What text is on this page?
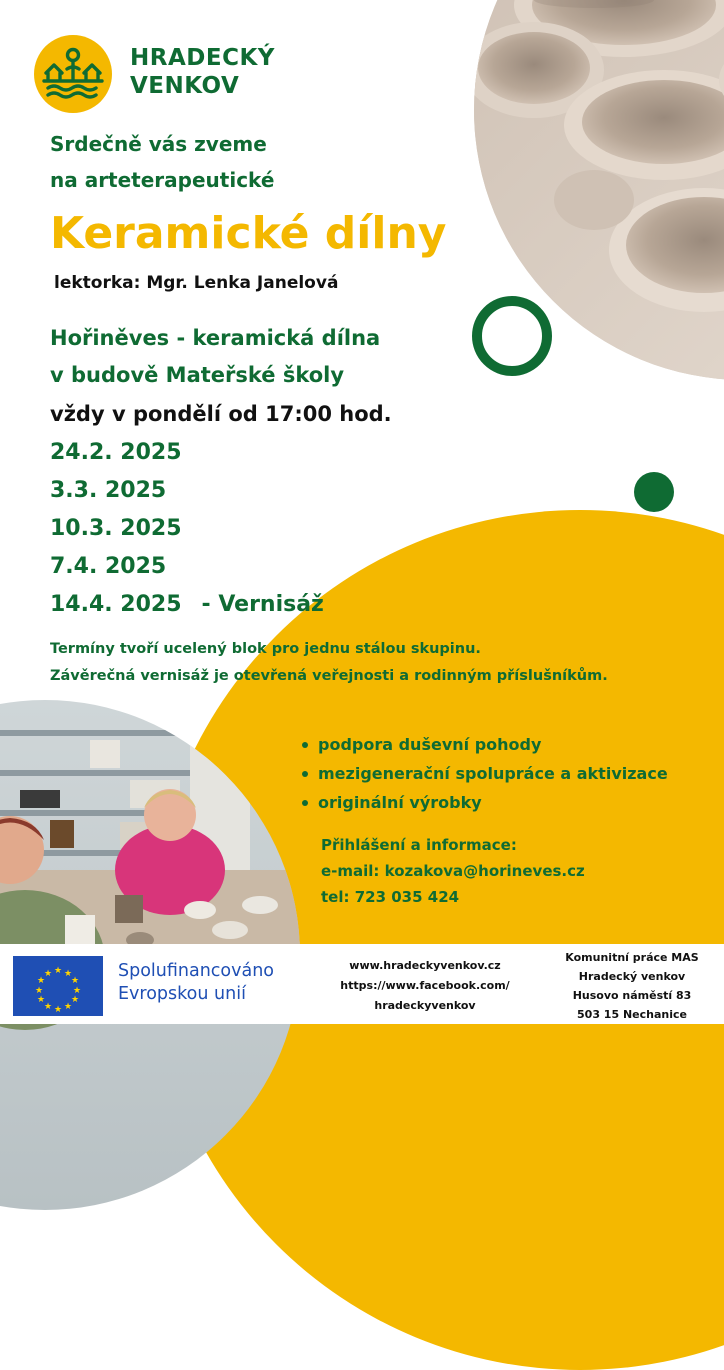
HRADECKÝ
VENKOV
Srdečně vás zveme
na arteterapeutické
Keramické dílny
lektorka: Mgr. Lenka Janelová
Hořiněves - keramická dílna
v budově Mateřské školy
vždy v pondělí od 17:00 hod.
24.2. 2025
3.3. 2025
10.3. 2025
7.4. 2025
14.4. 2025 - Vernisáž
Termíny tvoří ucelený blok pro jednu stálou skupinu.
Závěrečná vernisáž je otevřená veřejnosti a rodinným příslušníkům.
podpora duševní pohody
mezigenerační spolupráce a aktivizace
originální výrobky
Přihlášení a informace:
e-mail: kozakova@horineves.cz
tel: 723 035 424
★ ★
★
★
★
★
★
★
★
★
★
★	Spolufinancováno
Evropskou unií
www.hradeckyvenkov.cz
https://www.facebook.com/
hradeckyvenkov
Komunitní práce MAS
Hradecký venkov
Husovo náměstí 83
503 15 Nechanice
